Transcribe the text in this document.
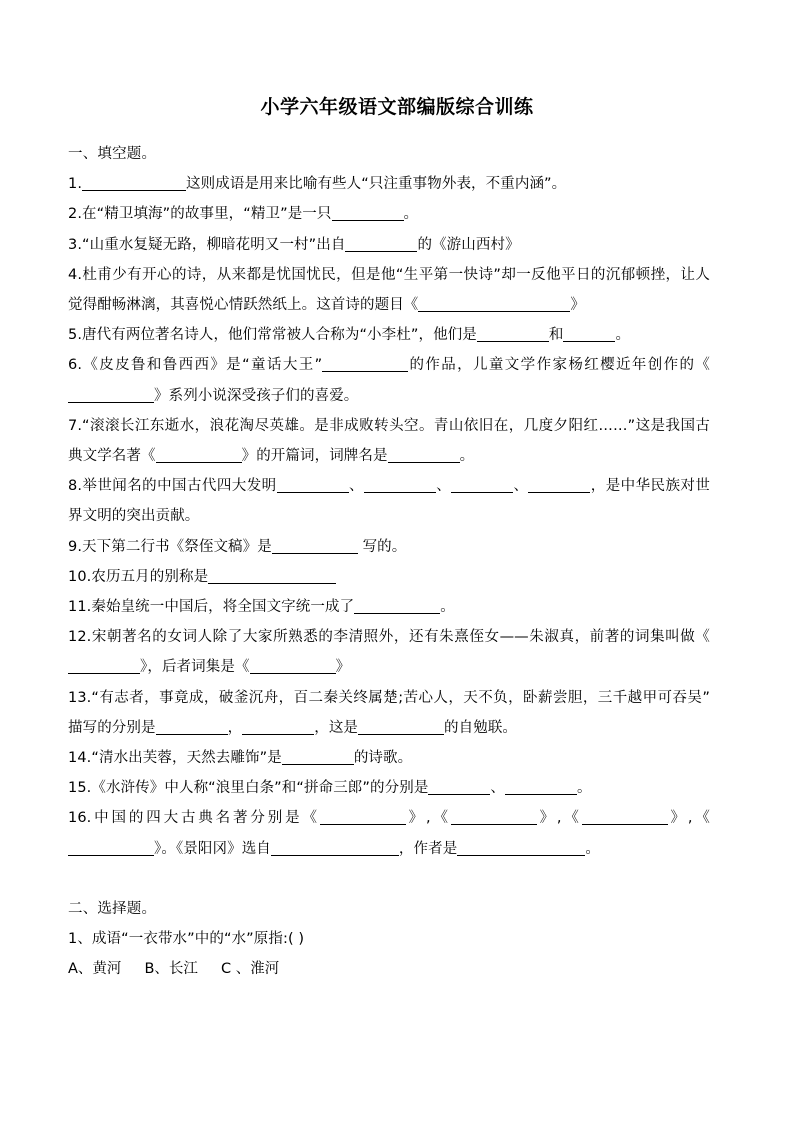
小学六年级语文部编版综合训练

一、填空题。

1.	这则成语是用来比喻有些人“只注重事物外表，不重内涵”。

2.在“精卫填海”的故事里，“精卫”是一只	。

3.“山重水复疑无路，柳暗花明又一村”出自	的《游山西村》

4.杜甫少有开心的诗，从来都是忧国忧民，但是他“生平第一快诗”却一反他平日的沉郁顿挫，让人觉得酣畅淋漓，其喜悦心情跃然纸上。这首诗的题目《	》

5.唐代有两位著名诗人，他们常常被人合称为“小李杜”，他们是	和	。

6.《皮皮鲁和鲁西西》是“童话大王”	的作品，儿童文学作家杨红樱近年创作的《》系列小说深受孩子们的喜爱。

7.“滚滚长江东逝水，浪花淘尽英雄。是非成败转头空。青山依旧在，几度夕阳红……”这是我国古典文学名著《	》的开篇词，词牌名是	。

8.举世闻名的中国古代四大发明	、	、	、	，是中华民族对世界文明的突出贡献。

9.天下第二行书《祭侄文稿》是	写的。

10.农历五月的别称是

11.秦始皇统一中国后，将全国文字统一成了	。

12.宋朝著名的女词人除了大家所熟悉的李清照外，还有朱熹侄女——朱淑真，前著的词集叫做《》，后者词集是《	》

13.“有志者，事竟成，破釜沉舟，百二秦关终属楚;苦心人，天不负，卧薪尝胆，三千越甲可吞吴”描写的分别是	，	，这是	的自勉联。

14.“清水出芙蓉，天然去雕饰”是	的诗歌。

15.《水浒传》中人称“浪里白条”和“拼命三郎”的分别是	、	。

16.中国的四大古典名著分别是《	》,《	》,《	》,《》。《景阳冈》选自	，作者是	。

二、选择题。

1、成语“一衣带水”中的“水”原指:( )

A、黄河     B、长江     C 、淮河
